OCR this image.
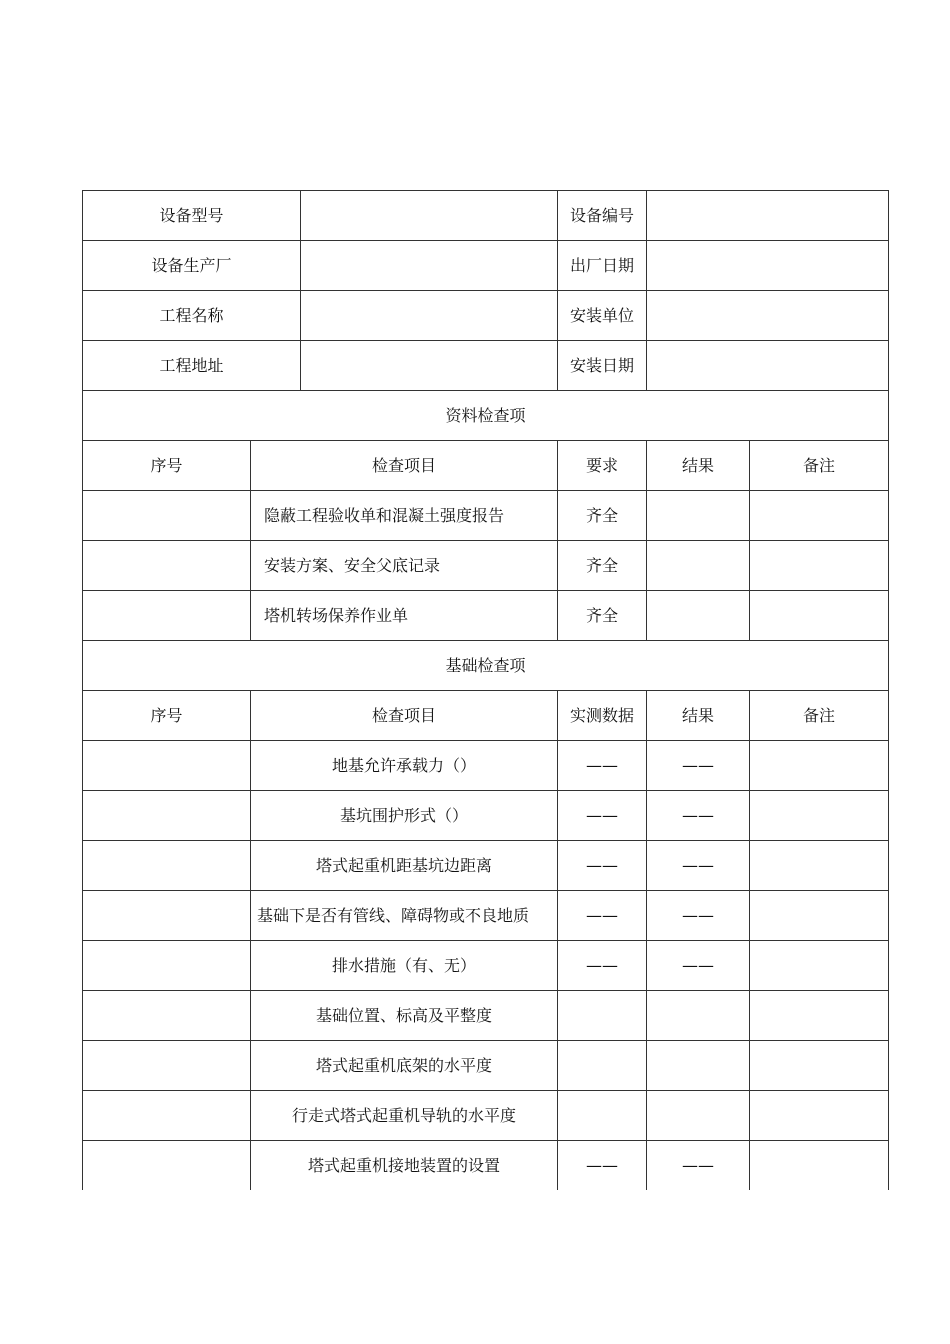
设备型号			设备编号		
设备生产厂			出厂日期		
工程名称			安装单位		
工程地址			安装日期		
资料检查项					
序号	检查项目		要求	结果	备注
	隐蔽工程验收单和混凝土强度报告		齐全		
	安装方案、安全父底记录		齐全		
	塔机转场保养作业单		齐全		
基础检查项					
序号	检查项目		实测数据	结果	备注
	地基允许承载力（）		——	——	
	基坑围护形式（）		——	——	
	塔式起重机距基坑边距离		——	——	
	基础下是否有管线、障碍物或不良地质		——	——	
	排水措施（有、无）		——	——	
	基础位置、标高及平整度				
	塔式起重机底架的水平度				
	行走式塔式起重机导轨的水平度				
	塔式起重机接地装置的设置		——	——	
